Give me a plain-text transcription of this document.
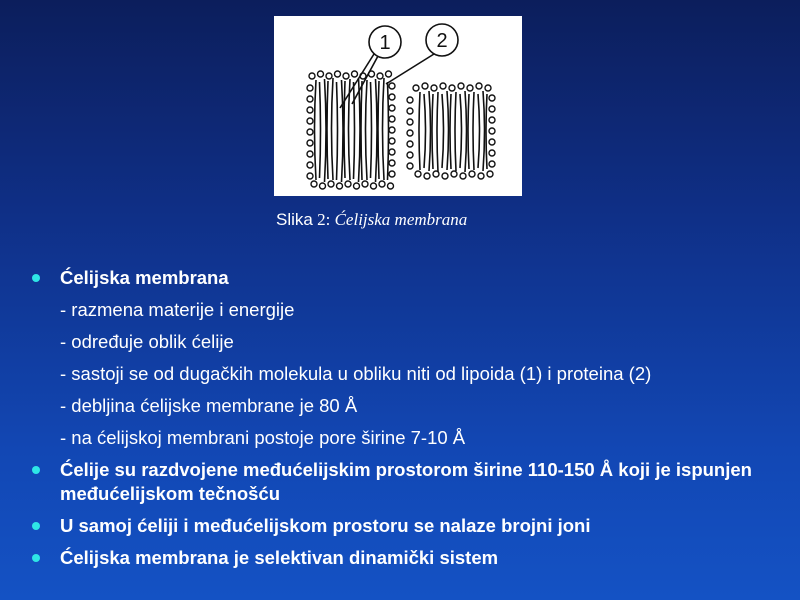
1 2
Slika 2: Ćelijska membrana
Ćelijska membrana
- razmena materije i energije
- određuje oblik ćelije
- sastoji se od dugačkih molekula u obliku niti od lipoida (1) i proteina (2)
- debljina ćelijske membrane je 80 Å
- na ćelijskoj membrani postoje pore širine 7-10 Å
Ćelije su razdvojene međućelijskim prostorom širine 110-150 Å koji je ispunjen međućelijskom tečnošću
U samoj ćeliji i međućelijskom prostoru se nalaze brojni joni
Ćelijska membrana je selektivan dinamički sistem
